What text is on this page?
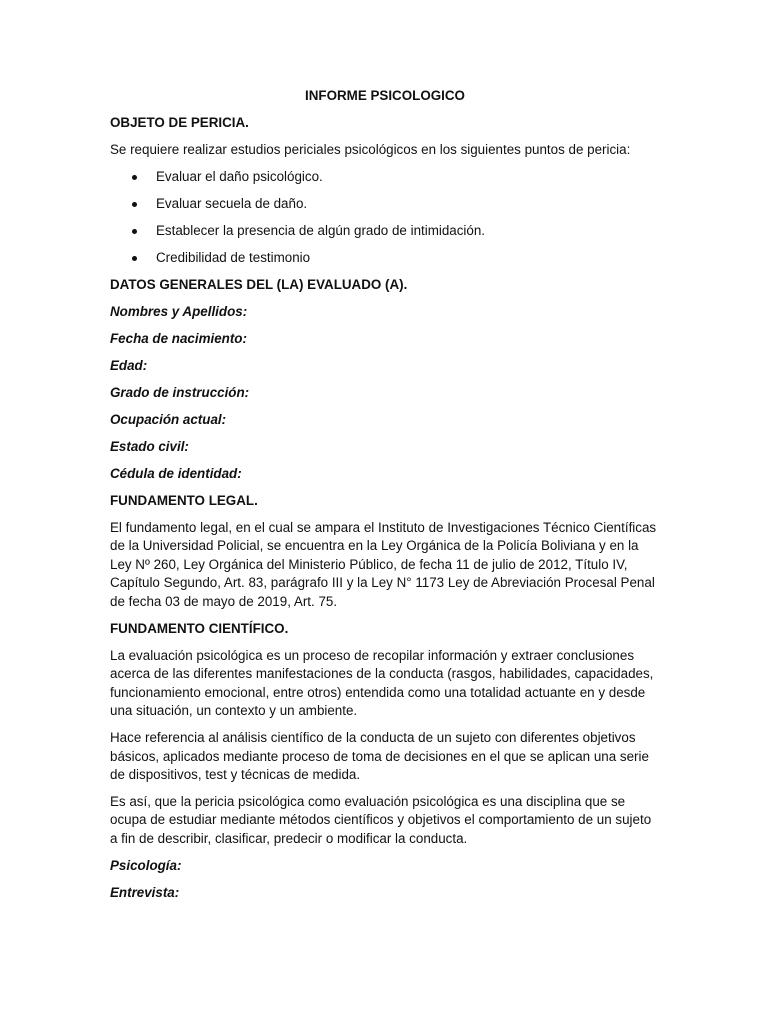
INFORME PSICOLOGICO
OBJETO DE PERICIA.
Se requiere realizar estudios periciales psicológicos en los siguientes puntos de pericia:
Evaluar el daño psicológico.
Evaluar secuela de daño.
Establecer la presencia de algún grado de intimidación.
Credibilidad de testimonio
DATOS GENERALES DEL (LA) EVALUADO (A).
Nombres y Apellidos:
Fecha de nacimiento:
Edad:
Grado de instrucción:
Ocupación actual:
Estado civil:
Cédula de identidad:
FUNDAMENTO LEGAL.
El fundamento legal, en el cual se ampara el Instituto de Investigaciones Técnico Científicas de la Universidad Policial, se encuentra en la Ley Orgánica de la Policía Boliviana y en la Ley Nº 260, Ley Orgánica del Ministerio Público, de fecha 11 de julio de 2012, Título IV, Capítulo Segundo, Art. 83, parágrafo III y la Ley N° 1173 Ley de Abreviación Procesal Penal de fecha 03 de mayo de 2019, Art. 75.
FUNDAMENTO CIENTÍFICO.
La evaluación psicológica es un proceso de recopilar información y extraer conclusiones acerca de las diferentes manifestaciones de la conducta (rasgos, habilidades, capacidades, funcionamiento emocional, entre otros) entendida como una totalidad actuante en y desde una situación, un contexto y un ambiente.
Hace referencia al análisis científico de la conducta de un sujeto con diferentes objetivos básicos, aplicados mediante proceso de toma de decisiones en el que se aplican una serie de dispositivos, test y técnicas de medida.
Es así, que la pericia psicológica como evaluación psicológica es una disciplina que se ocupa de estudiar mediante métodos científicos y objetivos el comportamiento de un sujeto a fin de describir, clasificar, predecir o modificar la conducta.
Psicología:
Entrevista:
